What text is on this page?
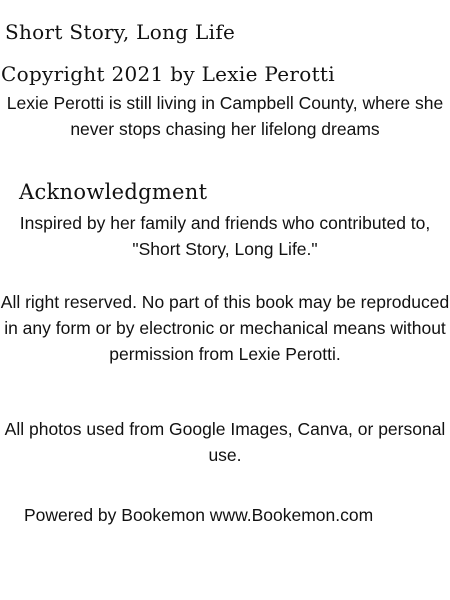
Short Story, Long Life
Copyright 2021 by Lexie Perotti

Lexie Perotti is still living in Campbell County, where she never stops chasing her lifelong dreams

Acknowledgment

Inspired by her family and friends who contributed to, "Short Story, Long Life."

All right reserved. No part of this book may be reproduced in any form or by electronic or mechanical means without permission from Lexie Perotti.

All photos used from Google Images, Canva, or personal use.

Powered by Bookemon www.Bookemon.com
